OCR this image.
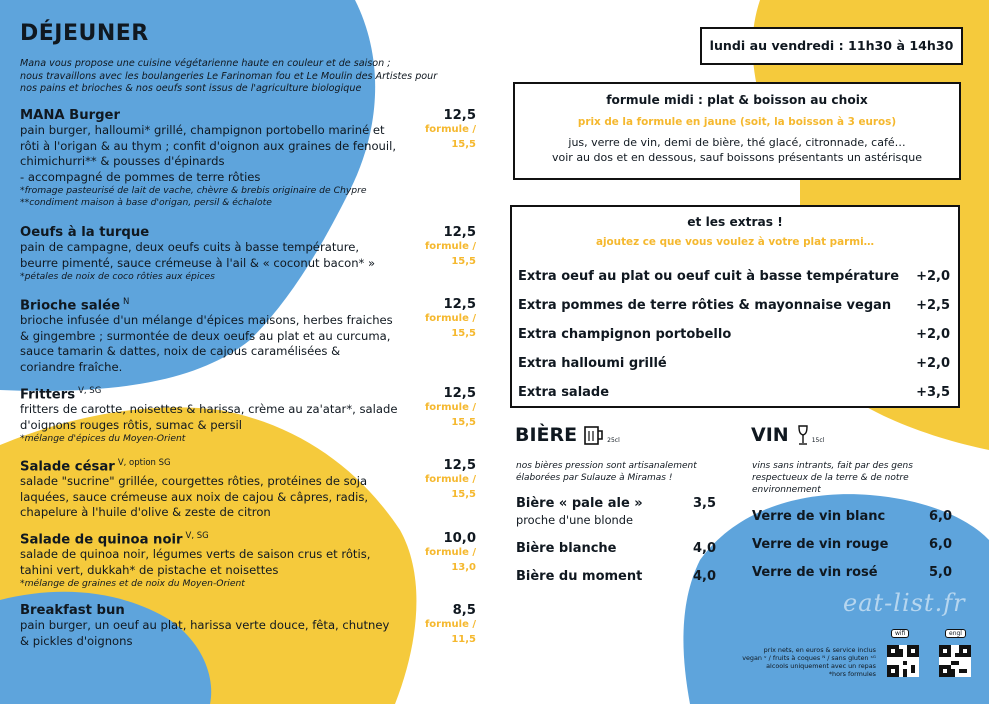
DÉJEUNER
Mana vous propose une cuisine végétarienne haute en couleur et de saison ;
nous travaillons avec les boulangeries Le Farinoman fou et Le Moulin des Artistes pour
nos pains et brioches & nos oeufs sont issus de l'agriculture biologique
MANA Burger
pain burger, halloumi* grillé, champignon portobello mariné et
rôti à l'origan & au thym ; confit d'oignon aux graines de fenouil,
chimichurri** & pousses d'épinards
- accompagné de pommes de terre rôties
*fromage pasteurisé de lait de vache, chèvre & brebis originaire de Chypre
**condiment maison à base d'origan, persil & échalote
12,5
formule /
15,5
Oeufs à la turque
pain de campagne, deux oeufs cuits à basse température,
beurre pimenté, sauce crémeuse à l'ail & « coconut bacon* »
*pétales de noix de coco rôties aux épices
12,5
formule /
15,5
Brioche salée $^N$
brioche infusée d'un mélange d'épices maisons, herbes fraiches
& gingembre ; surmontée de deux oeufs au plat et au curcuma,
sauce tamarin & dattes, noix de cajous caramélisées &
coriandre fraîche.
12,5
formule /
15,5
Fritters $^{V, SG}$
fritters de carotte, noisettes & harissa, crème au za'atar*, salade
d'oignons rouges rôtis, sumac & persil
*mélange d'épices du Moyen-Orient
12,5
formule /
15,5
Salade césar $^{V, option SG}$
salade "sucrine" grillée, courgettes rôties, protéines de soja
laquées, sauce crémeuse aux noix de cajou & câpres, radis,
chapelure à l'huile d'olive & zeste de citron
12,5
formule /
15,5
Salade de quinoa noir $^{V, SG}$
salade de quinoa noir, légumes verts de saison crus et rôtis,
tahini vert, dukkah* de pistache et noisettes
*mélange de graines et de noix du Moyen-Orient
10,0
formule /
13,0
Breakfast bun
pain burger, un oeuf au plat, harissa verte douce, fêta, chutney
& pickles d'oignons
8,5
formule /
11,5
lundi au vendredi : 11h30 à 14h30
formule midi : plat & boisson au choix
prix de la formule en jaune (soit, la boisson à 3 euros)
jus, verre de vin, demi de bière, thé glacé, citronnade, café…
voir au dos et en dessous, sauf boissons présentants un astérisque
et les extras !
ajoutez ce que vous voulez à votre plat parmi…
Extra oeuf au plat ou oeuf cuit à basse température +2,0
Extra pommes de terre rôties & mayonnaise vegan +2,5
Extra champignon portobello	+2,0
Extra halloumi grillé	+2,0
Extra salade	+3,5
BIÈRE	25cl
nos bières pression sont artisanalement
élaborées par Sulauze à Miramas !
Bière « pale ale »	3,5
proche d'une blonde
Bière blanche	4,0
Bière du moment	4,0
VIN	15cl
vins sans intrants, fait par des gens
respectueux de la terre & de notre
environnement
Verre de vin blanc	6,0
Verre de vin rouge	6,0
Verre de vin rosé	5,0
eat-list.fr
prix nets, en euros & service inclus
vegan ᵛ / fruits à coques ᴺ / sans gluten ˢᴳ
alcools uniquement avec un repas
*hors formules
wifi	engl
